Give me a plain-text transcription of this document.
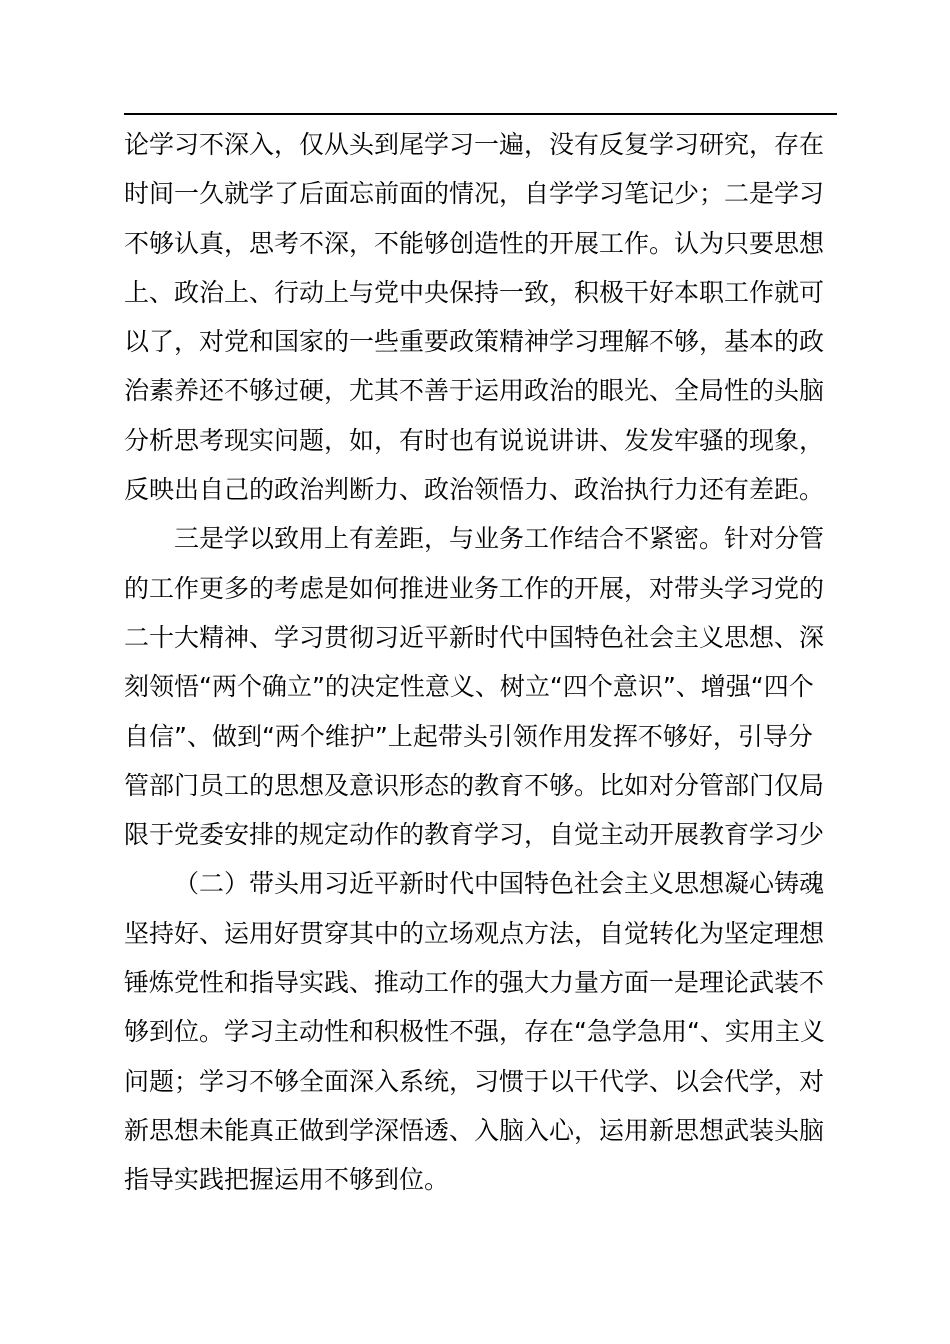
论学习不深入，仅从头到尾学习一遍，没有反复学习研究，存在
时间一久就学了后面忘前面的情况，自学学习笔记少；二是学习
不够认真，思考不深，不能够创造性的开展工作。认为只要思想
上、政治上、行动上与党中央保持一致，积极干好本职工作就可
以了，对党和国家的一些重要政策精神学习理解不够，基本的政
治素养还不够过硬，尤其不善于运用政治的眼光、全局性的头脑
分析思考现实问题，如，有时也有说说讲讲、发发牢骚的现象，
反映出自己的政治判断力、政治领悟力、政治执行力还有差距。
三是学以致用上有差距，与业务工作结合不紧密。针对分管
的工作更多的考虑是如何推进业务工作的开展，对带头学习党的
二十大精神、学习贯彻习近平新时代中国特色社会主义思想、深
刻领悟“两个确立”的决定性意义、树立“四个意识”、增强“四个
自信”、做到“两个维护”上起带头引领作用发挥不够好，引导分
管部门员工的思想及意识形态的教育不够。比如对分管部门仅局
限于党委安排的规定动作的教育学习，自觉主动开展教育学习少
（二）带头用习近平新时代中国特色社会主义思想凝心铸魂
坚持好、运用好贯穿其中的立场观点方法，自觉转化为坚定理想
锤炼党性和指导实践、推动工作的强大力量方面一是理论武装不
够到位。学习主动性和积极性不强，存在“急学急用“、实用主义
问题；学习不够全面深入系统，习惯于以干代学、以会代学，对
新思想未能真正做到学深悟透、入脑入心，运用新思想武装头脑
指导实践把握运用不够到位。
